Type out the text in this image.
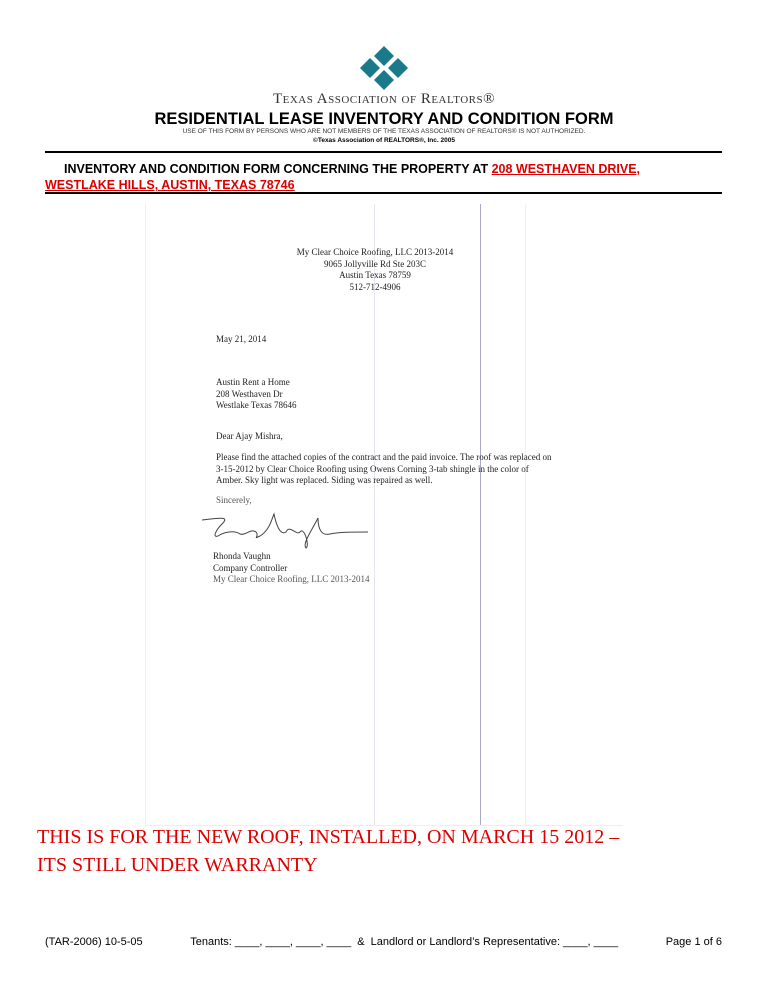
Texas Association of Realtors®
RESIDENTIAL LEASE INVENTORY AND CONDITION FORM
USE OF THIS FORM BY PERSONS WHO ARE NOT MEMBERS OF THE TEXAS ASSOCIATION OF REALTORS® IS NOT AUTHORIZED.
©Texas Association of REALTORS®, Inc. 2005
INVENTORY AND CONDITION FORM CONCERNING THE PROPERTY AT 208 WESTHAVEN DRIVE,
WESTLAKE HILLS, AUSTIN, TEXAS 78746
My Clear Choice Roofing, LLC 2013-2014
9065 Jollyville Rd Ste 203C
Austin Texas 78759
512-712-4906
May 21, 2014
Austin Rent a Home
208 Westhaven Dr
Westlake Texas 78646
Dear Ajay Mishra,
Please find the attached copies of the contract and the paid invoice. The roof was replaced on 3-15-2012 by Clear Choice Roofing using Owens Corning 3-tab shingle in the color of Amber. Sky light was replaced. Siding was repaired as well.
Sincerely,
Rhonda Vaughn
Company Controller
My Clear Choice Roofing, LLC 2013-2014
THIS IS FOR THE NEW ROOF, INSTALLED, ON MARCH 15 2012 –
ITS STILL UNDER WARRANTY
(TAR-2006) 10-5-05	Tenants: ____, ____, ____, ____  &  Landlord or Landlord’s Representative: ____, ____	Page 1 of 6
